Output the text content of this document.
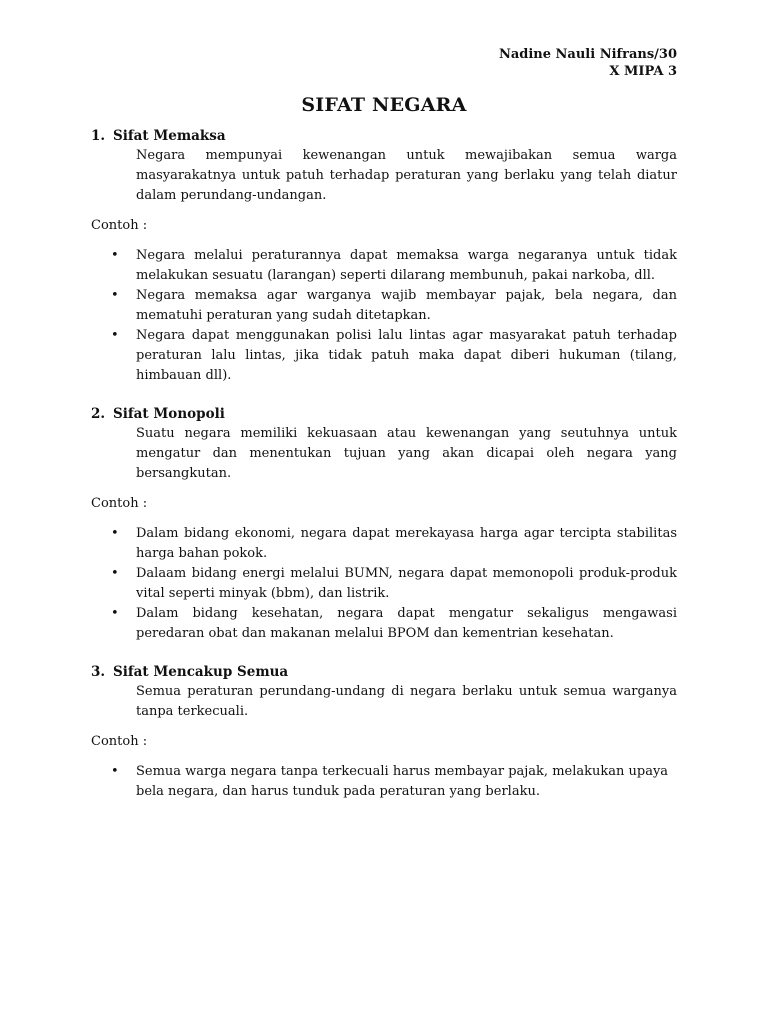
Nadine Nauli Nifrans/30
X MIPA 3
SIFAT NEGARA
1. Sifat Memaksa
Negara mempunyai kewenangan untuk mewajibakan semua warga masyarakatnya untuk patuh terhadap peraturan yang berlaku yang telah diatur dalam perundang-undangan.
Contoh :
•	Negara melalui peraturannya dapat memaksa warga negaranya untuk tidak melakukan sesuatu (larangan) seperti dilarang membunuh, pakai narkoba, dll.
•	Negara memaksa agar warganya wajib membayar pajak, bela negara, dan mematuhi peraturan yang sudah ditetapkan.
•	Negara dapat menggunakan polisi lalu lintas agar masyarakat patuh terhadap peraturan lalu lintas, jika tidak patuh maka dapat diberi hukuman (tilang, himbauan dll).
2. Sifat Monopoli
Suatu negara memiliki kekuasaan atau kewenangan yang seutuhnya untuk mengatur dan menentukan tujuan yang akan dicapai oleh negara yang bersangkutan.
Contoh :
•	Dalam bidang ekonomi, negara dapat merekayasa harga agar tercipta stabilitas harga bahan pokok.
•	Dalaam bidang energi melalui BUMN, negara dapat memonopoli produk-produk vital seperti minyak (bbm), dan listrik.
•	Dalam bidang kesehatan, negara dapat mengatur sekaligus mengawasi peredaran obat dan makanan melalui BPOM dan kementrian kesehatan.
3. Sifat Mencakup Semua
Semua peraturan perundang-undang di negara berlaku untuk semua warganya tanpa terkecuali.
Contoh :
•	Semua warga negara tanpa terkecuali harus membayar pajak, melakukan upaya bela negara, dan harus tunduk pada peraturan yang berlaku.
